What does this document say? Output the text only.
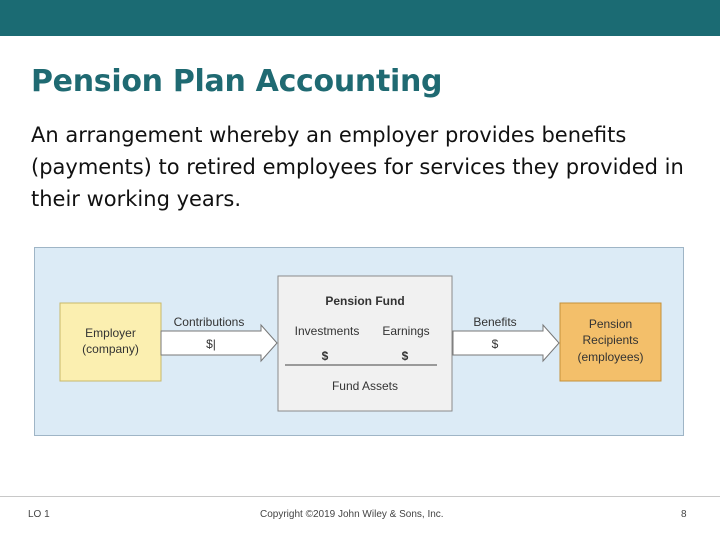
Pension Plan Accounting
An arrangement whereby an employer provides benefits (payments) to retired employees for services they provided in their working years.
Employer
(company)
Contributions
$|
Pension Fund
Investments Earnings
$	$
Fund Assets
Benefits
$
Pension
Recipients
(employees)
LO 1	Copyright ©2019 John Wiley & Sons, Inc.	8
